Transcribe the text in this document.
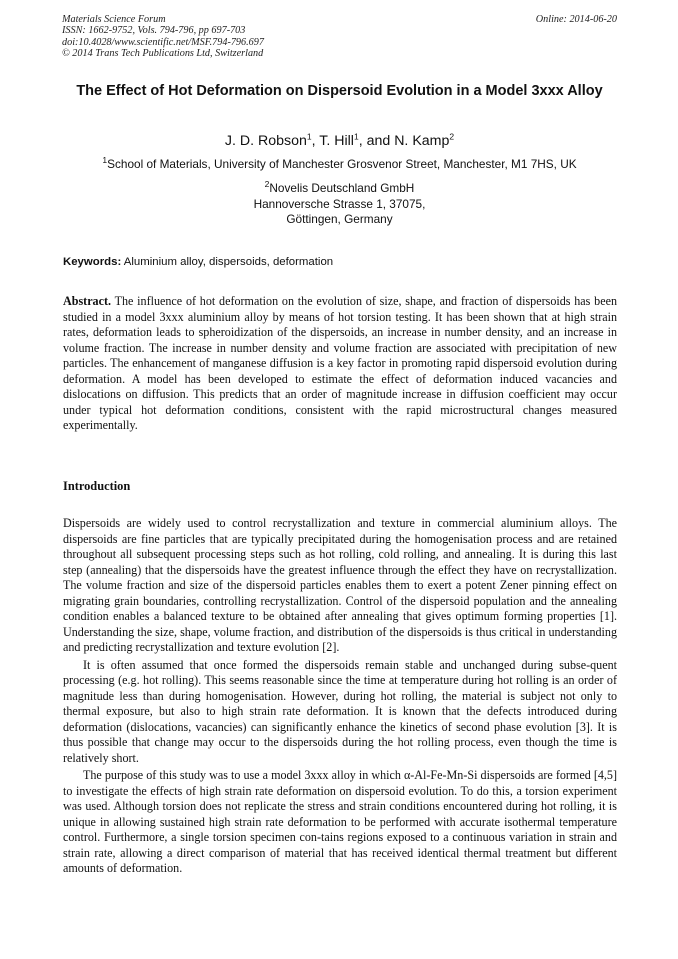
Materials Science Forum	Online: 2014-06-20
ISSN: 1662-9752, Vols. 794-796, pp 697-703
doi:10.4028/www.scientific.net/MSF.794-796.697
© 2014 Trans Tech Publications Ltd, Switzerland
The Effect of Hot Deformation on Dispersoid Evolution in a Model 3xxx Alloy
J. D. Robson$^1$, T. Hill$^1$, and N. Kamp$^2$
$^1$School of Materials, University of Manchester Grosvenor Street, Manchester, M1 7HS, UK
$^2$Novelis Deutschland GmbH
Hannoversche Strasse 1, 37075,
Göttingen, Germany
Keywords: Aluminium alloy, dispersoids, deformation
Abstract. The influence of hot deformation on the evolution of size, shape, and fraction of dispersoids has been studied in a model 3xxx aluminium alloy by means of hot torsion testing. It has been shown that at high strain rates, deformation leads to spheroidization of the dispersoids, an increase in number density, and an increase in volume fraction. The increase in number density and volume fraction are associated with precipitation of new particles. The enhancement of manganese diffusion is a key factor in promoting rapid dispersoid evolution during deformation. A model has been developed to estimate the effect of deformation induced vacancies and dislocations on diffusion. This predicts that an order of magnitude increase in diffusion coefficient may occur under typical hot deformation conditions, consistent with the rapid microstructural changes measured experimentally.
Introduction

Dispersoids are widely used to control recrystallization and texture in commercial aluminium alloys. The dispersoids are fine particles that are typically precipitated during the homogenisation process and are retained throughout all subsequent processing steps such as hot rolling, cold rolling, and annealing. It is during this last step (annealing) that the dispersoids have the greatest influence through the effect they have on recrystallization. The volume fraction and size of the dispersoid particles enables them to exert a potent Zener pinning effect on migrating grain boundaries, controlling recrystallization. Control of the dispersoid population and the annealing condition enables a balanced texture to be obtained after annealing that gives optimum forming properties [1]. Understanding the size, shape, volume fraction, and distribution of the dispersoids is thus critical in understanding and predicting recrystallization and texture evolution [2].

It is often assumed that once formed the dispersoids remain stable and unchanged during subse-quent processing (e.g. hot rolling). This seems reasonable since the time at temperature during hot rolling is an order of magnitude less than during homogenisation. However, during hot rolling, the material is subject not only to thermal exposure, but also to high strain rate deformation. It is known that the defects introduced during deformation (dislocations, vacancies) can significantly enhance the kinetics of second phase evolution [3]. It is thus possible that change may occur to the dispersoids during the hot rolling process, even though the time is relatively short.

The purpose of this study was to use a model 3xxx alloy in which α-Al-Fe-Mn-Si dispersoids are formed [4,5] to investigate the effects of high strain rate deformation on dispersoid evolution. To do this, a torsion experiment was used. Although torsion does not replicate the stress and strain conditions encountered during hot rolling, it is unique in allowing sustained high strain rate deformation to be performed with accurate isothermal temperature control. Furthermore, a single torsion specimen con-tains regions exposed to a continuous variation in strain and strain rate, allowing a direct comparison of material that has received identical thermal treatment but different amounts of deformation.
